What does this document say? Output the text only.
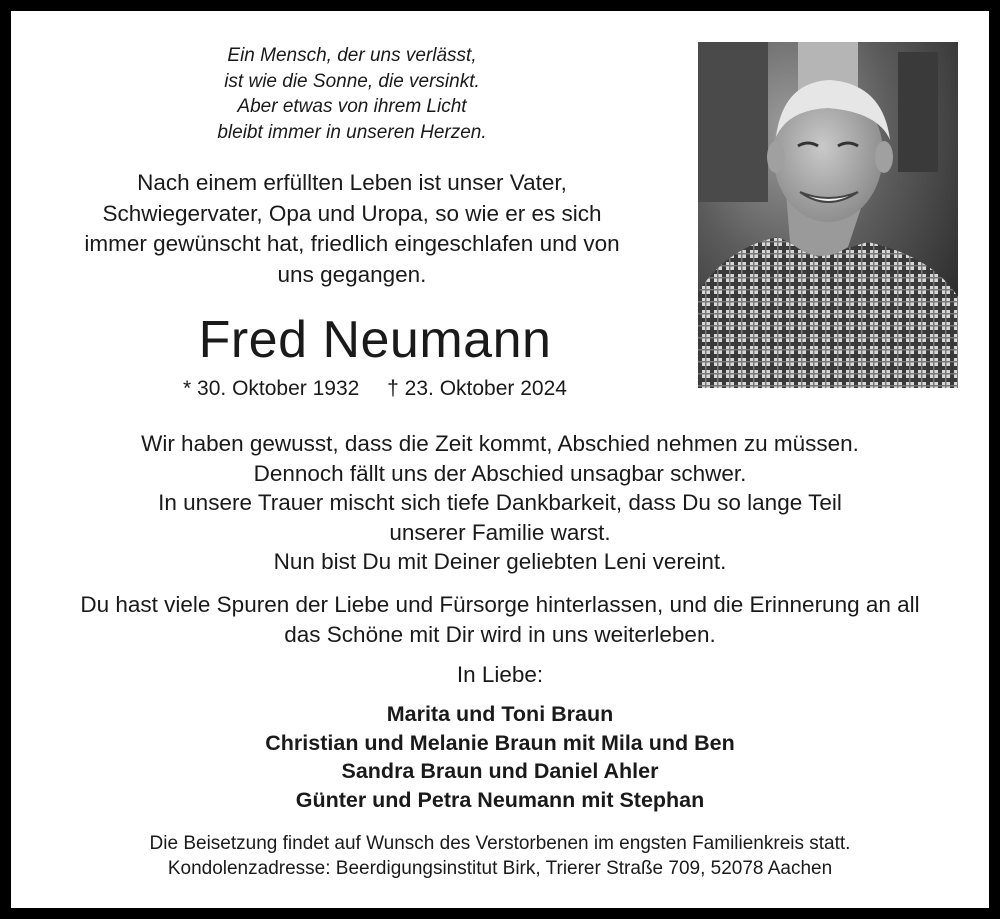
Ein Mensch, der uns verlässt,
ist wie die Sonne, die versinkt.
Aber etwas von ihrem Licht
bleibt immer in unseren Herzen.
Nach einem erfüllten Leben ist unser Vater,
Schwiegervater, Opa und Uropa, so wie er es sich
immer gewünscht hat, friedlich eingeschlafen und von
uns gegangen.
Fred Neumann
* 30. Oktober 1932 † 23. Oktober 2024
Wir haben gewusst, dass die Zeit kommt, Abschied nehmen zu müssen.
Dennoch fällt uns der Abschied unsagbar schwer.
In unsere Trauer mischt sich tiefe Dankbarkeit, dass Du so lange Teil
unserer Familie warst.
Nun bist Du mit Deiner geliebten Leni vereint.
Du hast viele Spuren der Liebe und Fürsorge hinterlassen, und die Erinnerung an all
das Schöne mit Dir wird in uns weiterleben.
In Liebe:
Marita und Toni Braun
Christian und Melanie Braun mit Mila und Ben
Sandra Braun und Daniel Ahler
Günter und Petra Neumann mit Stephan
Die Beisetzung findet auf Wunsch des Verstorbenen im engsten Familienkreis statt.
Kondolenzadresse: Beerdigungsinstitut Birk, Trierer Straße 709, 52078 Aachen
